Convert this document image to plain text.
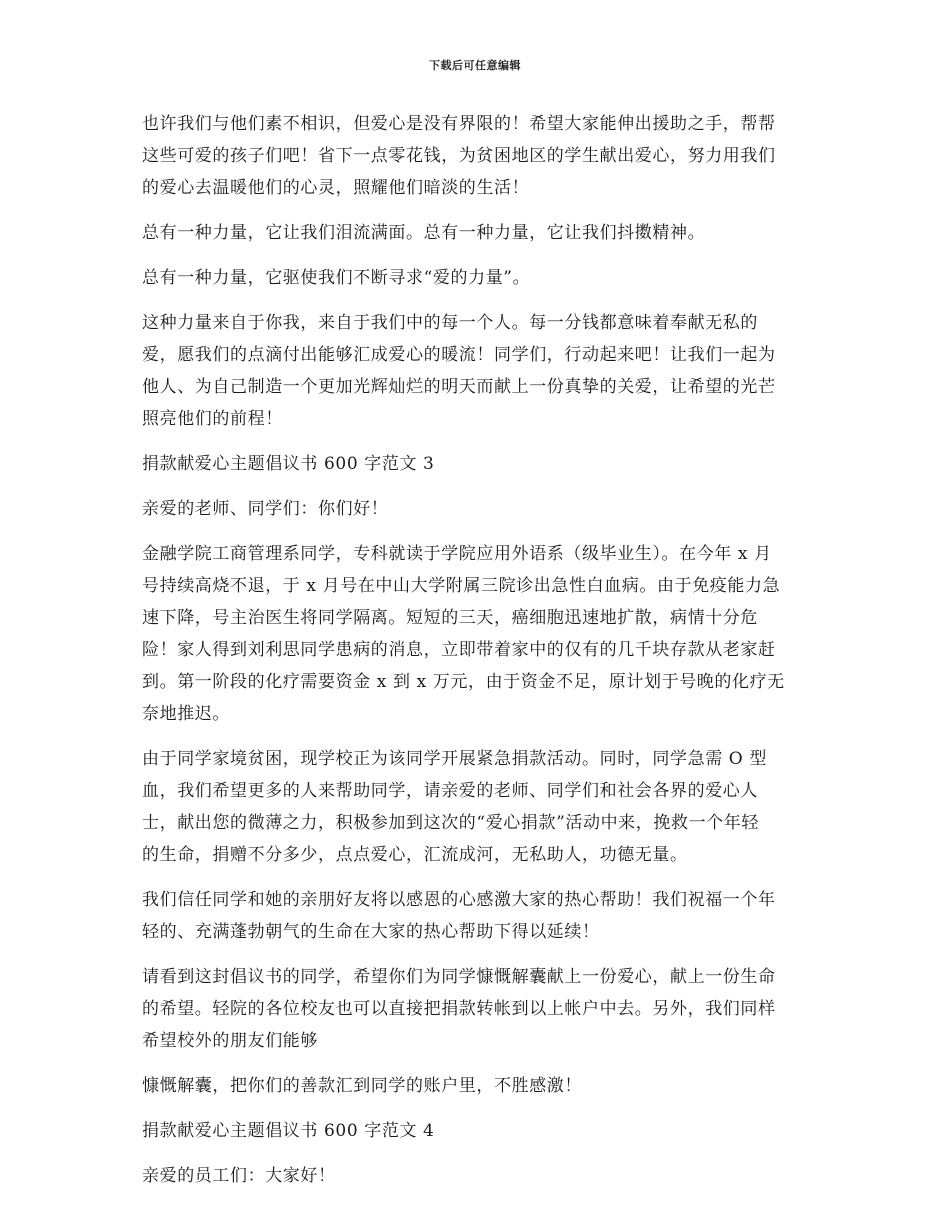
下载后可任意编辑

也许我们与他们素不相识，但爱心是没有界限的！希望大家能伸出援助之手，帮帮
这些可爱的孩子们吧！省下一点零花钱，为贫困地区的学生献出爱心，努力用我们
的爱心去温暖他们的心灵，照耀他们暗淡的生活！

总有一种力量，它让我们泪流满面。总有一种力量，它让我们抖擞精神。

总有一种力量，它驱使我们不断寻求“爱的力量”。

这种力量来自于你我，来自于我们中的每一个人。每一分钱都意味着奉献无私的
爱，愿我们的点滴付出能够汇成爱心的暖流！同学们，行动起来吧！让我们一起为
他人、为自己制造一个更加光辉灿烂的明天而献上一份真挚的关爱，让希望的光芒
照亮他们的前程！

捐款献爱心主题倡议书 600 字范文 3

亲爱的老师、同学们：你们好！

金融学院工商管理系同学，专科就读于学院应用外语系（级毕业生）。在今年 x 月
号持续高烧不退，于 x 月号在中山大学附属三院诊出急性白血病。由于免疫能力急
速下降，号主治医生将同学隔离。短短的三天，癌细胞迅速地扩散，病情十分危
险！家人得到刘利思同学患病的消息，立即带着家中的仅有的几千块存款从老家赶
到。第一阶段的化疗需要资金 x 到 x 万元，由于资金不足，原计划于号晚的化疗无
奈地推迟。

由于同学家境贫困，现学校正为该同学开展紧急捐款活动。同时，同学急需 O 型
血，我们希望更多的人来帮助同学，请亲爱的老师、同学们和社会各界的爱心人
士，献出您的微薄之力，积极参加到这次的“爱心捐款”活动中来，挽救一个年轻
的生命，捐赠不分多少，点点爱心，汇流成河，无私助人，功德无量。

我们信任同学和她的亲朋好友将以感恩的心感激大家的热心帮助！我们祝福一个年
轻的、充满蓬勃朝气的生命在大家的热心帮助下得以延续！

请看到这封倡议书的同学，希望你们为同学慷慨解囊献上一份爱心，献上一份生命
的希望。轻院的各位校友也可以直接把捐款转帐到以上帐户中去。另外，我们同样
希望校外的朋友们能够

慷慨解囊，把你们的善款汇到同学的账户里，不胜感激！

捐款献爱心主题倡议书 600 字范文 4

亲爱的员工们：大家好！
